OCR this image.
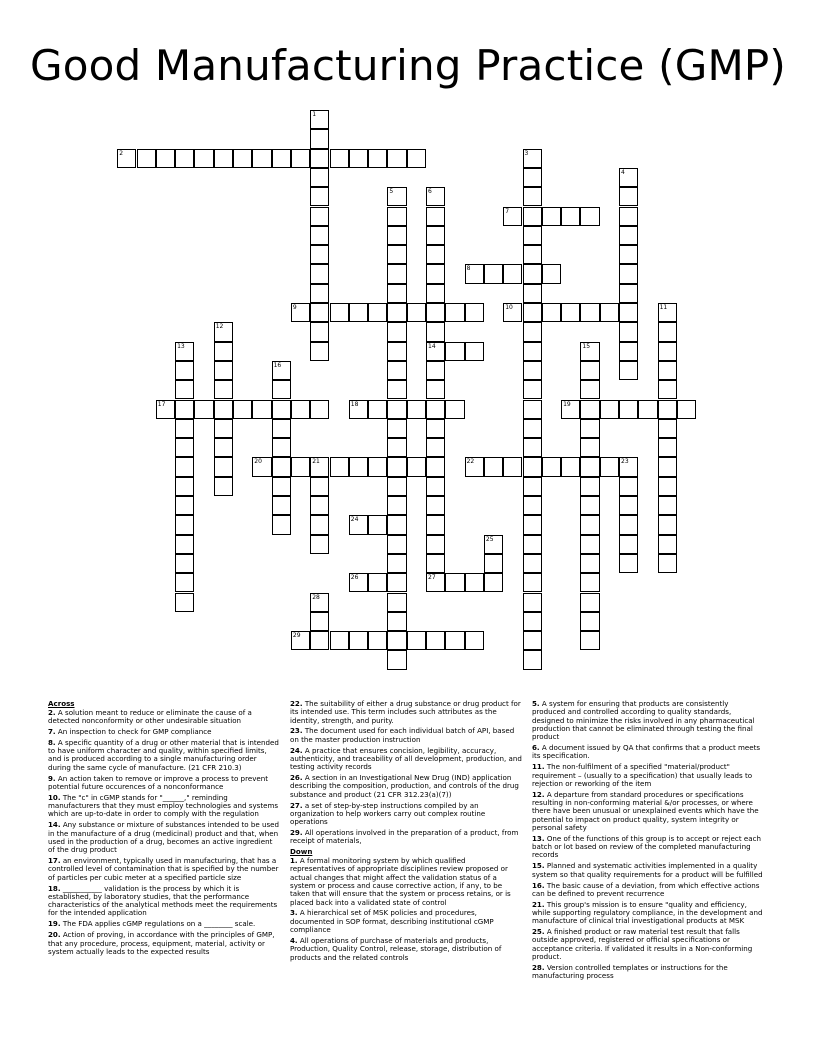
Good Manufacturing Practice (GMP)
1
2	3
4
5	6
14
27
7
8
9	10	11
12
13	15
16
17	18	19
20	21	22	23
24
25
26
28
29
Across

2. A solution meant to reduce or eliminate the cause of a detected nonconformity or other undesirable situation

7. An inspection to check for GMP compliance

8. A specific quantity of a drug or other material that is intended to have uniform character and quality, within specified limits, and is produced according to a single manufacturing order during the same cycle of manufacture. (21 CFR 210.3)

9. An action taken to remove or improve a process to prevent potential future occurences of a nonconformance

10. The "c" in cGMP stands for "______," reminding manufacturers that they must employ technologies and systems which are up-to-date in order to comply with the regulation

14. Any substance or mixture of substances intended to be used in the manufacture of a drug (medicinal) product and that, when used in the production of a drug, becomes an active ingredient of the drug product

17. an environment, typically used in manufacturing, that has a controlled level of contamination that is specified by the number of particles per cubic meter at a specified particle size

18. ___________ validation is the process by which it is established, by laboratory studies, that the performance characteristics of the analytical methods meet the requirements for the intended application

19. The FDA applies cGMP regulations on a ________ scale.

20. Action of proving, in accordance with the principles of GMP, that any procedure, process, equipment, material, activity or system actually leads to the expected results

22. The suitability of either a drug substance or drug product for its intended use. This term includes such attributes as the identity, strength, and purity.

23. The document used for each individual batch of API, based on the master production instruction

24. A practice that ensures concision, legibility, accuracy, authenticity, and traceability of all development, production, and testing activity records

26. A section in an Investigational New Drug (IND) application describing the composition, production, and controls of the drug substance and product (21 CFR 312.23(a)(7))

27. a set of step-by-step instructions compiled by an organization to help workers carry out complex routine operations

29. All operations involved in the preparation of a product, from receipt of materials,

Down

1. A formal monitoring system by which qualified representatives of appropriate disciplines review proposed or actual changes that might affect the validation status of a system or process and cause corrective action, if any, to be taken that will ensure that the system or process retains, or is placed back into a validated state of control

3. A hierarchical set of MSK policies and procedures, documented in SOP format, describing institutional cGMP compliance

4. All operations of purchase of materials and products, Production, Quality Control, release, storage, distribution of products and the related controls

5. A system for ensuring that products are consistently produced and controlled according to quality standards, designed to minimize the risks involved in any pharmaceutical production that cannot be eliminated through testing the final product

6. A document issued by QA that confirms that a product meets its specification.

11. The non-fulfilment of a specified "material/product" requirement – (usually to a specification) that usually leads to rejection or reworking of the item

12. A departure from standard procedures or specifications resulting in non-conforming material &/or processes, or where there have been unusual or unexplained events which have the potential to impact on product quality, system integrity or personal safety

13. One of the functions of this group is to accept or reject each batch or lot based on review of the completed manufacturing records

15. Planned and systematic activities implemented in a quality system so that quality requirements for a product will be fulfilled

16. The basic cause of a deviation, from which effective actions can be defined to prevent recurrence

21. This group's mission is to ensure "quality and efficiency, while supporting regulatory compliance, in the development and manufacture of clinical trial investigational products at MSK

25. A finished product or raw material test result that falls outside approved, registered or official specifications or acceptance criteria. If validated it results in a Non-conforming product.

28. Version controlled templates or instructions for the manufacturing process
